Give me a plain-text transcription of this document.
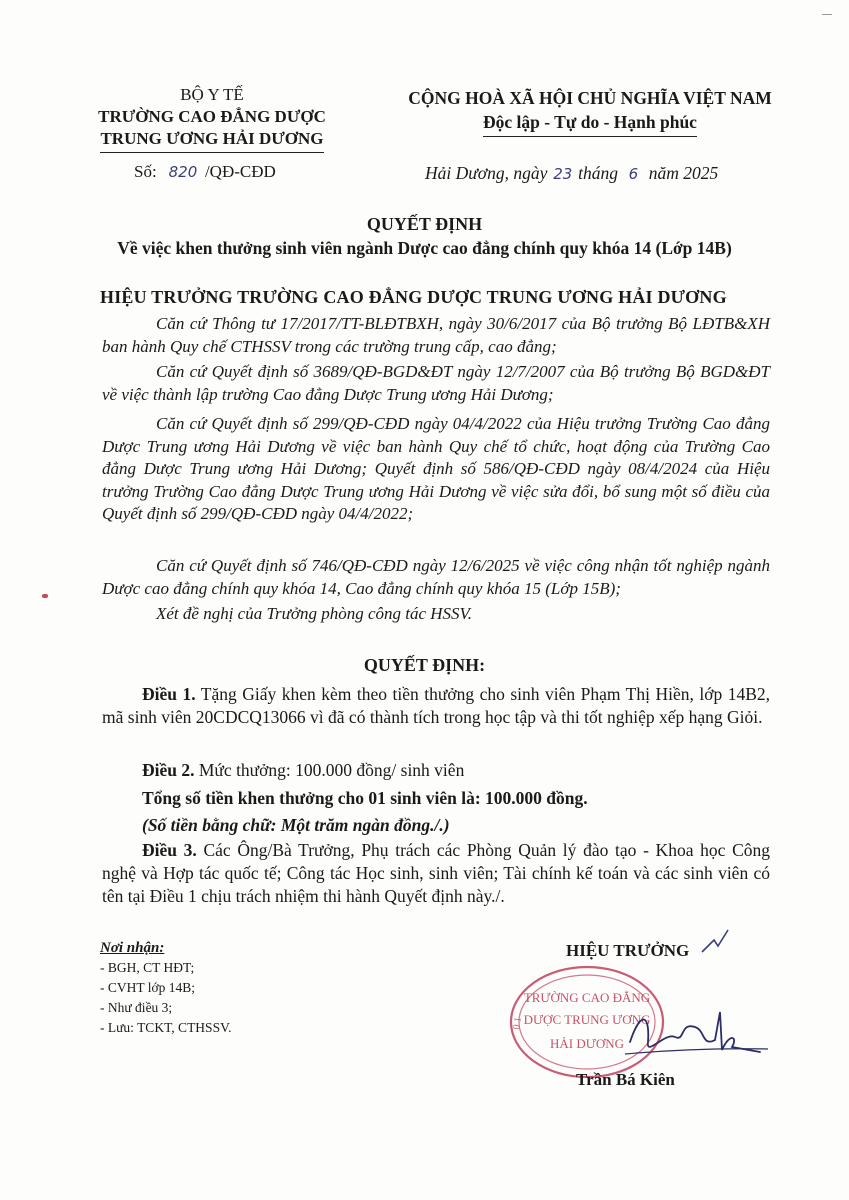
BỘ Y TẾ
TRƯỜNG CAO ĐẲNG DƯỢC
TRUNG ƯƠNG HẢI DƯƠNG
Số: 820 /QĐ-CĐD
CỘNG HOÀ XÃ HỘI CHỦ NGHĨA VIỆT NAM
Độc lập - Tự do - Hạnh phúc
Hải Dương, ngày 23 tháng 6 năm 2025
QUYẾT ĐỊNH
Về việc khen thưởng sinh viên ngành Dược cao đẳng chính quy khóa 14 (Lớp 14B)
HIỆU TRƯỞNG TRƯỜNG CAO ĐẲNG DƯỢC TRUNG ƯƠNG HẢI DƯƠNG
Căn cứ Thông tư 17/2017/TT-BLĐTBXH, ngày 30/6/2017 của Bộ trưởng Bộ LĐTB&XH ban hành Quy chế CTHSSV trong các trường trung cấp, cao đẳng;
Căn cứ Quyết định số 3689/QĐ-BGD&ĐT ngày 12/7/2007 của Bộ trưởng Bộ BGD&ĐT về việc thành lập trường Cao đẳng Dược Trung ương Hải Dương;
Căn cứ Quyết định số 299/QĐ-CĐD ngày 04/4/2022 của Hiệu trưởng Trường Cao đẳng Dược Trung ương Hải Dương về việc ban hành Quy chế tổ chức, hoạt động của Trường Cao đẳng Dược Trung ương Hải Dương; Quyết định số 586/QĐ-CĐD ngày 08/4/2024 của Hiệu trưởng Trường Cao đẳng Dược Trung ương Hải Dương về việc sửa đổi, bổ sung một số điều của Quyết định số 299/QĐ-CĐD ngày 04/4/2022;
Căn cứ Quyết định số 746/QĐ-CĐD ngày 12/6/2025 về việc công nhận tốt nghiệp ngành Dược cao đẳng chính quy khóa 14, Cao đẳng chính quy khóa 15 (Lớp 15B);
Xét đề nghị của Trưởng phòng công tác HSSV.
QUYẾT ĐỊNH:
Điều 1. Tặng Giấy khen kèm theo tiền thưởng cho sinh viên Phạm Thị Hiền, lớp 14B2, mã sinh viên 20CDCQ13066 vì đã có thành tích trong học tập và thi tốt nghiệp xếp hạng Giỏi.
Điều 2. Mức thưởng: 100.000 đồng/ sinh viên
Tổng số tiền khen thưởng cho 01 sinh viên là: 100.000 đồng.
(Số tiền bằng chữ: Một trăm ngàn đồng./.)
Điều 3. Các Ông/Bà Trưởng, Phụ trách các Phòng Quản lý đào tạo - Khoa học Công nghệ và Hợp tác quốc tế; Công tác Học sinh, sinh viên; Tài chính kế toán và các sinh viên có tên tại Điều 1 chịu trách nhiệm thi hành Quyết định này./.
Nơi nhận:
- BGH, CT HĐT;
- CVHT lớp 14B;
- Như điều 3;
- Lưu: TCKT, CTHSSV.
HIỆU TRƯỞNG
TRƯỜNG CAO ĐẲNG
DƯỢC TRUNG ƯƠNG
HẢI DƯƠNG
0 1
Trần Bá Kiên
